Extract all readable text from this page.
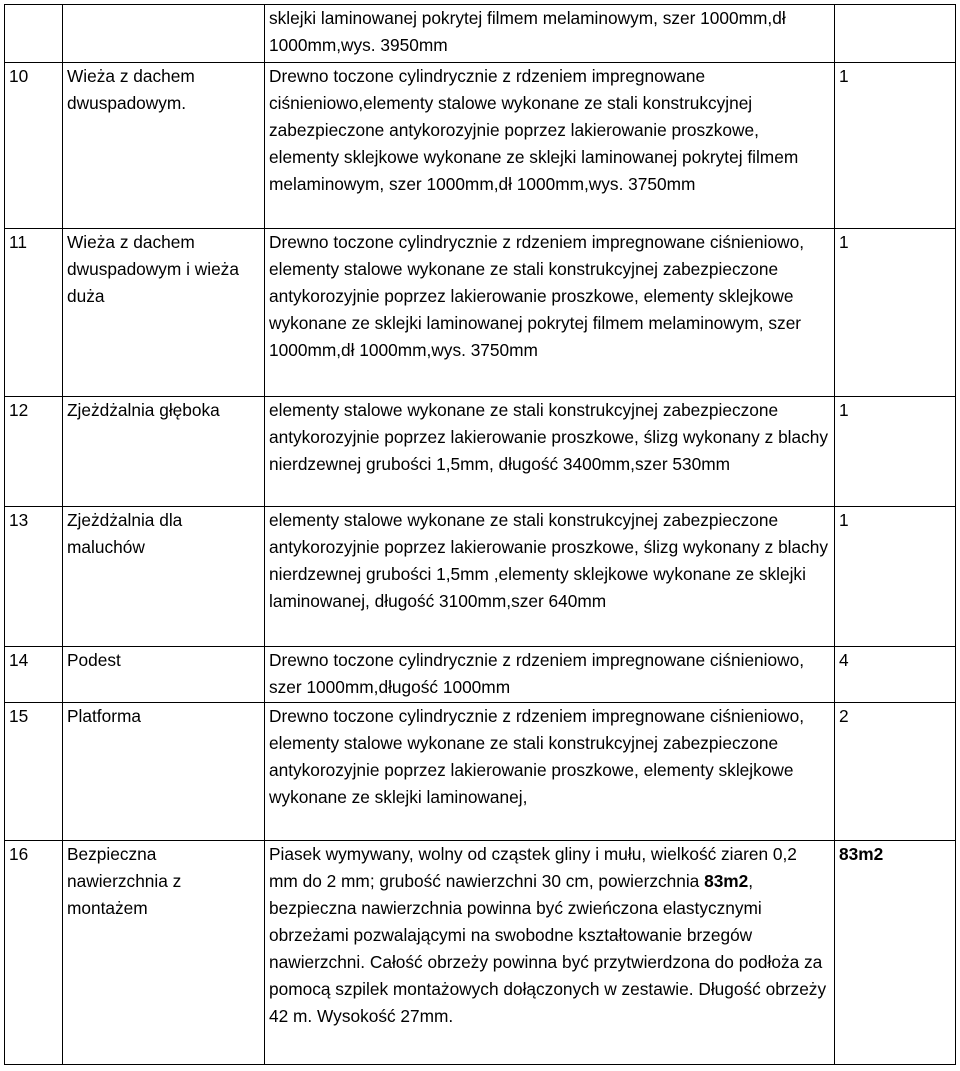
		sklejki laminowanej pokrytej filmem melaminowym, szer 1000mm,dł 1000mm,wys. 3950mm	
10	Wieża z dachem dwuspadowym.	Drewno toczone cylindrycznie z rdzeniem impregnowane ciśnieniowo,elementy stalowe wykonane ze stali konstrukcyjnej zabezpieczone antykorozyjnie poprzez lakierowanie proszkowe, elementy sklejkowe wykonane ze sklejki laminowanej pokrytej filmem melaminowym, szer 1000mm,dł 1000mm,wys. 3750mm	1
11	Wieża z dachem dwuspadowym i wieża duża	Drewno toczone cylindrycznie z rdzeniem impregnowane ciśnieniowo, elementy stalowe wykonane ze stali konstrukcyjnej zabezpieczone antykorozyjnie poprzez lakierowanie proszkowe, elementy sklejkowe wykonane ze sklejki laminowanej pokrytej filmem melaminowym, szer 1000mm,dł 1000mm,wys. 3750mm	1
12	Zjeżdżalnia głęboka	elementy stalowe wykonane ze stali konstrukcyjnej zabezpieczone antykorozyjnie poprzez lakierowanie proszkowe, ślizg wykonany z blachy nierdzewnej grubości 1,5mm, długość 3400mm,szer 530mm	1
13	Zjeżdżalnia dla maluchów	elementy stalowe wykonane ze stali konstrukcyjnej zabezpieczone antykorozyjnie poprzez lakierowanie proszkowe, ślizg wykonany z blachy nierdzewnej grubości 1,5mm ,elementy sklejkowe wykonane ze sklejki laminowanej, długość 3100mm,szer 640mm	1
14	Podest	Drewno toczone cylindrycznie z rdzeniem impregnowane ciśnieniowo, szer 1000mm,długość 1000mm	4
15	Platforma	Drewno toczone cylindrycznie z rdzeniem impregnowane ciśnieniowo, elementy stalowe wykonane ze stali konstrukcyjnej zabezpieczone antykorozyjnie poprzez lakierowanie proszkowe, elementy sklejkowe wykonane ze sklejki laminowanej,	2
16	Bezpieczna nawierzchnia z montażem	Piasek wymywany, wolny od cząstek gliny i mułu, wielkość ziaren 0,2 mm do 2 mm; grubość nawierzchni 30 cm, powierzchnia 83m2, bezpieczna nawierzchnia powinna być zwieńczona elastycznymi obrzeżami pozwalającymi na swobodne kształtowanie brzegów nawierzchni. Całość obrzeży powinna być przytwierdzona do podłoża za pomocą szpilek montażowych dołączonych w zestawie. Długość obrzeży 42 m. Wysokość 27mm.	83m2
